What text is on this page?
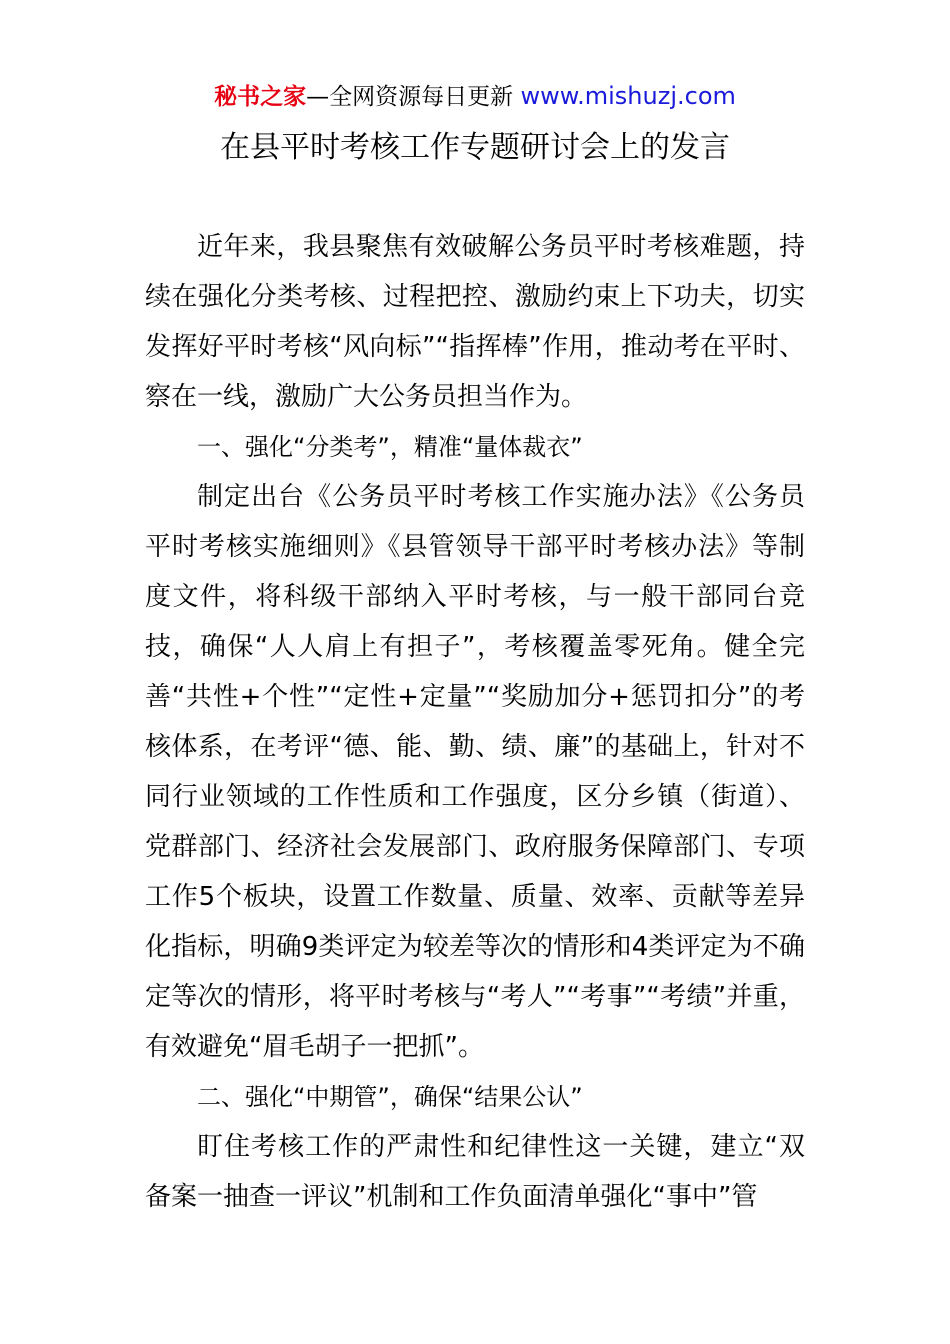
秘书之家—全网资源每日更新 www.mishuzj.com
在县平时考核工作专题研讨会上的发言

近年来，我县聚焦有效破解公务员平时考核难题，持续在强化分类考核、过程把控、激励约束上下功夫，切实发挥好平时考核“风向标”“指挥棒”作用，推动考在平时、察在一线，激励广大公务员担当作为。

一、强化“分类考”，精准“量体裁衣”

制定出台《公务员平时考核工作实施办法》《公务员平时考核实施细则》《县管领导干部平时考核办法》等制度文件，将科级干部纳入平时考核，与一般干部同台竞技，确保“人人肩上有担子”，考核覆盖零死角。健全完善“共性+个性”“定性+定量”“奖励加分+惩罚扣分”的考核体系，在考评“德、能、勤、绩、廉”的基础上，针对不同行业领域的工作性质和工作强度，区分乡镇（街道）、党群部门、经济社会发展部门、政府服务保障部门、专项工作5个板块，设置工作数量、质量、效率、贡献等差异化指标，明确9类评定为较差等次的情形和4类评定为不确定等次的情形，将平时考核与“考人”“考事”“考绩”并重，有效避免“眉毛胡子一把抓”。

二、强化“中期管”，确保“结果公认”

盯住考核工作的严肃性和纪律性这一关键，建立“双备案一抽查一评议”机制和工作负面清单强化“事中”管
